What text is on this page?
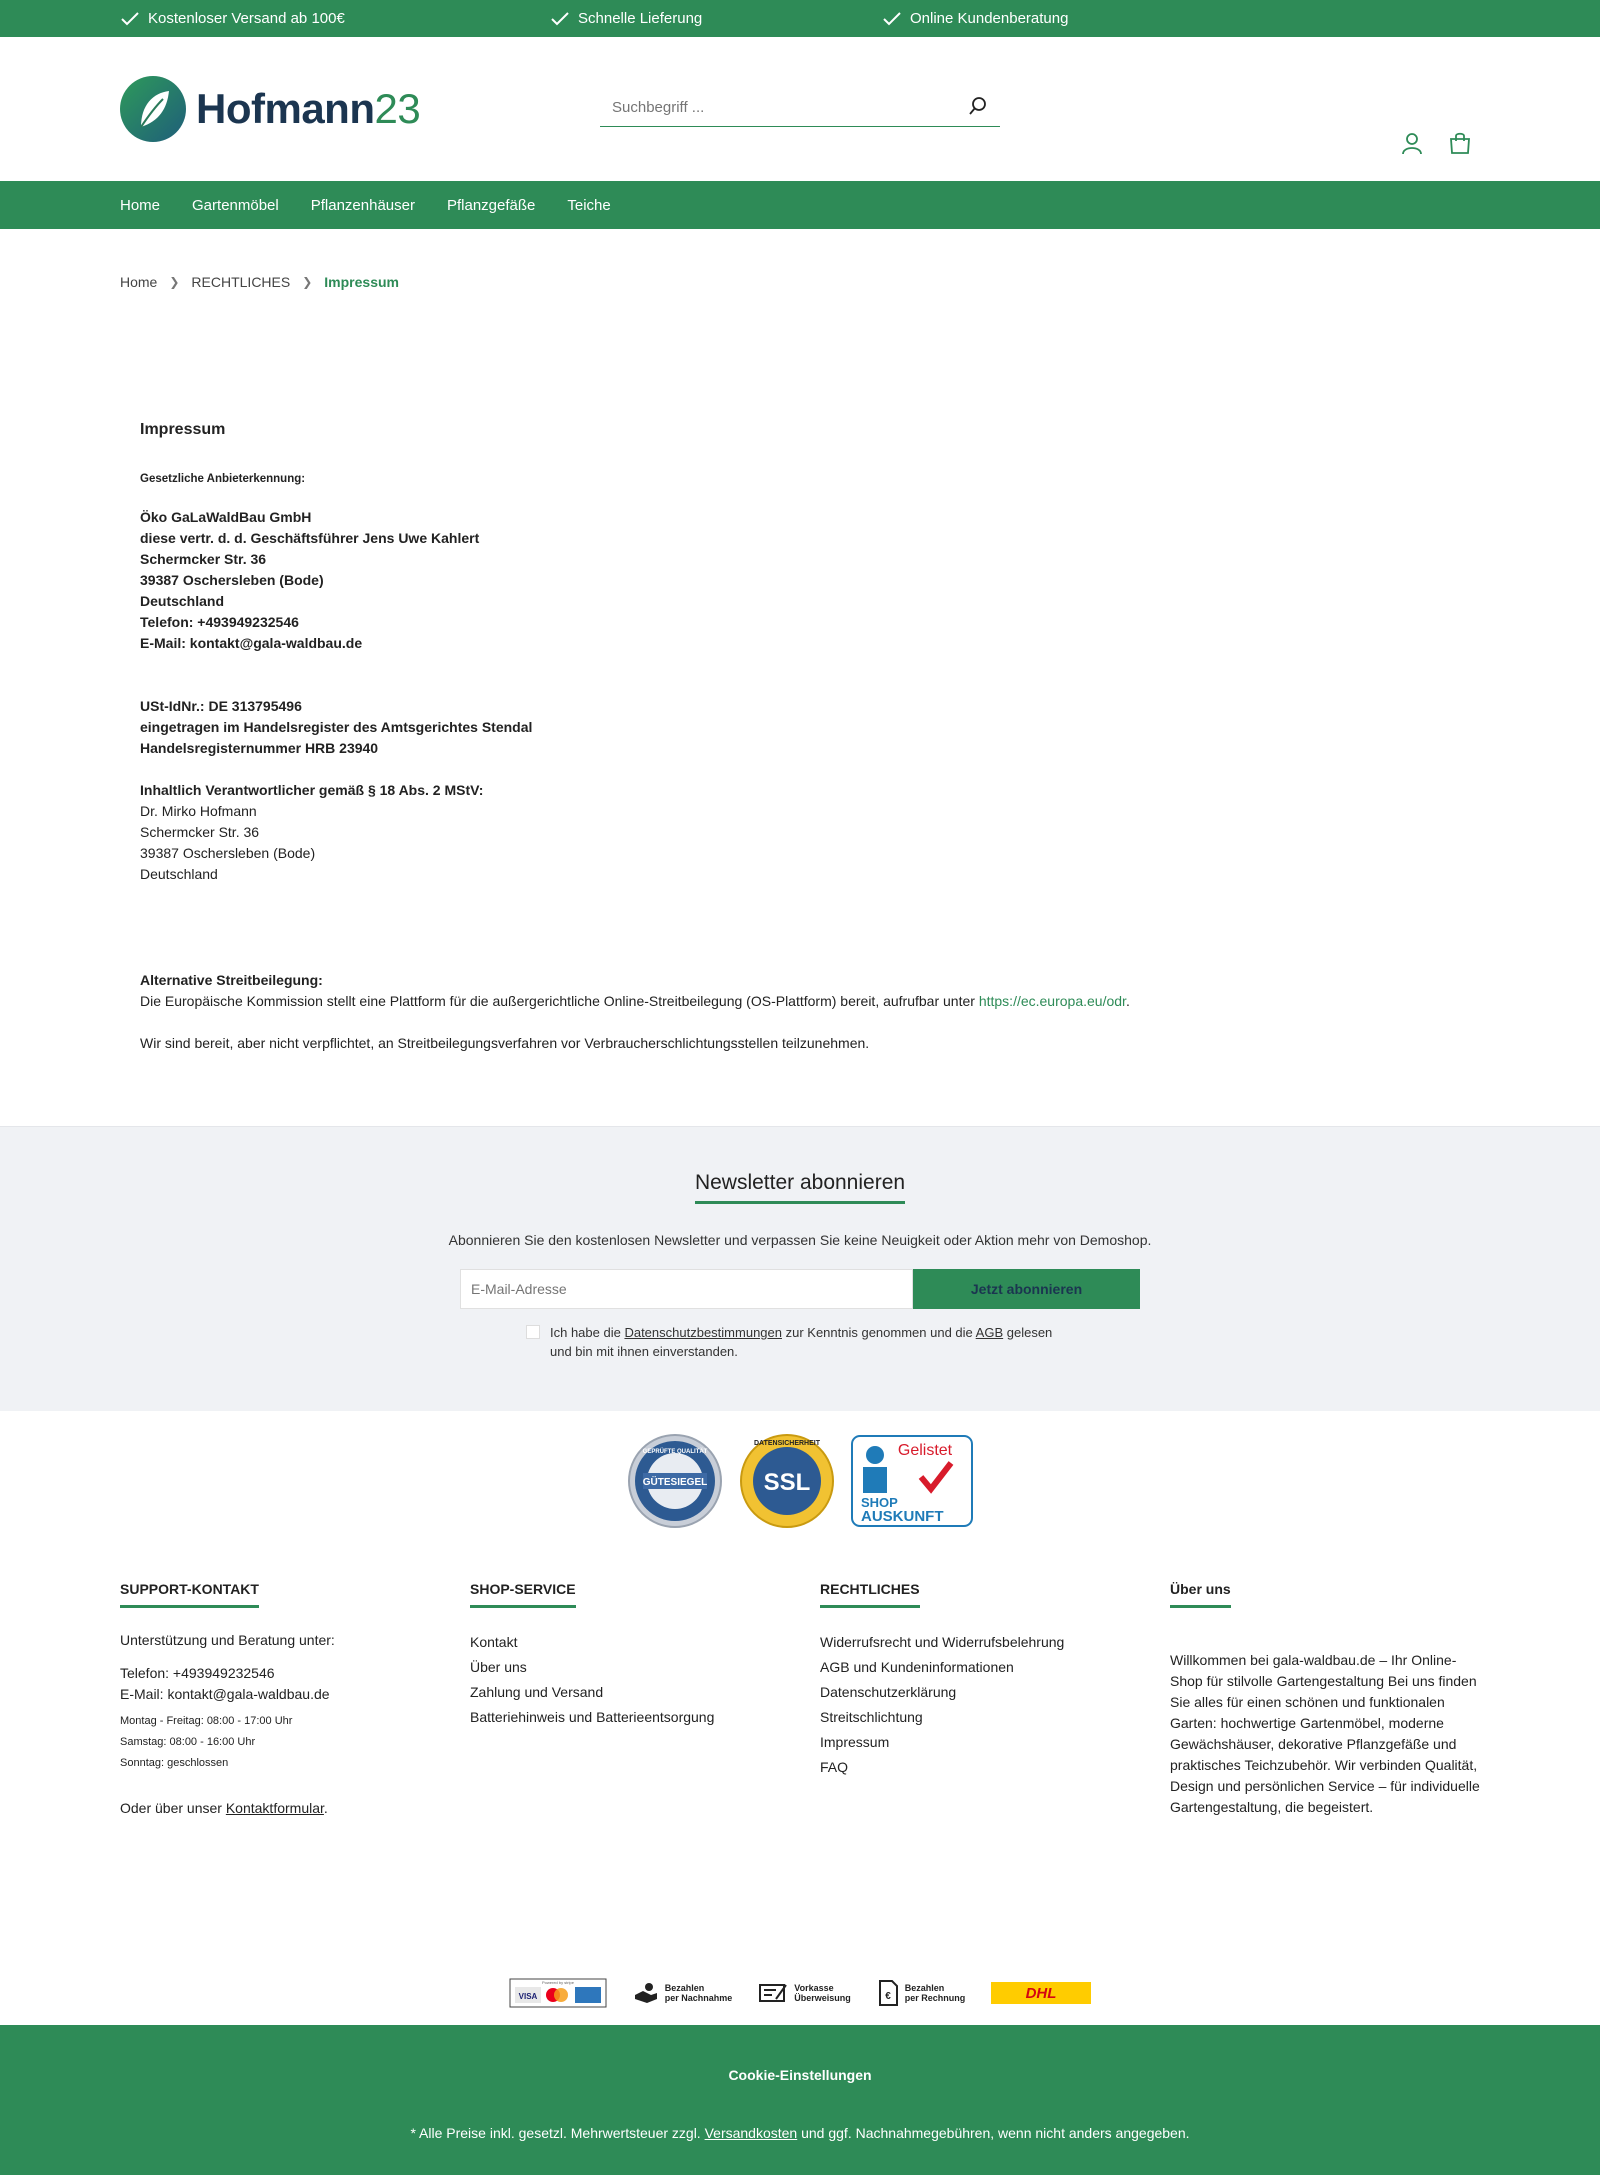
Kostenloser Versand ab 100€	Schnelle Lieferung	Online Kundenberatung
Hofmann23
Suchbegriff ...
Home Gartenmöbel Pflanzenhäuser Pflanzgefäße Teiche
Home ❯ RECHTLICHES ❯ Impressum
Impressum
Gesetzliche Anbieterkennung:
Öko GaLaWaldBau GmbH
diese vertr. d. d. Geschäftsführer Jens Uwe Kahlert
Schermcker Str. 36
39387 Oschersleben (Bode)
Deutschland
Telefon: +493949232546
E-Mail: kontakt@gala-waldbau.de
USt-IdNr.: DE 313795496
eingetragen im Handelsregister des Amtsgerichtes Stendal
Handelsregisternummer HRB 23940
Inhaltlich Verantwortlicher gemäß § 18 Abs. 2 MStV:
Dr. Mirko Hofmann
Schermcker Str. 36
39387 Oschersleben (Bode)
Deutschland
Alternative Streitbeilegung:
Die Europäische Kommission stellt eine Plattform für die außergerichtliche Online-Streitbeilegung (OS-Plattform) bereit, aufrufbar unter https://ec.europa.eu/odr.
Wir sind bereit, aber nicht verpflichtet, an Streitbeilegungsverfahren vor Verbraucherschlichtungsstellen teilzunehmen.
Newsletter abonnieren
Abonnieren Sie den kostenlosen Newsletter und verpassen Sie keine Neuigkeit oder Aktion mehr von Demoshop.
E-Mail-Adresse
Jetzt abonnieren
Ich habe die Datenschutzbestimmungen zur Kenntnis genommen und die AGB gelesen
und bin mit ihnen einverstanden.
GÜTESIEGEL
GEPRÜFTE QUALITÄT
SSL
DATENSICHERHEIT	Gelistet
SHOP
AUSKUNFT
SUPPORT-KONTAKT

Unterstützung und Beratung unter:

Telefon: +493949232546

E-Mail: kontakt@gala-waldbau.de

Montag - Freitag: 08:00 - 17:00 Uhr

Samstag: 08:00 - 16:00 Uhr

Sonntag: geschlossen

Oder über unser Kontaktformular.

SHOP-SERVICE
Kontakt
Über uns
Zahlung und Versand
Batteriehinweis und Batterieentsorgung
RECHTLICHES
Widerrufsrecht und Widerrufsbelehrung
AGB und Kundeninformationen
Datenschutzerklärung
Streitschlichtung
Impressum
FAQ
Über uns

Willkommen bei gala-waldbau.de – Ihr Online-Shop für stilvolle Gartengestaltung Bei uns finden Sie alles für einen schönen und funktionalen Garten: hochwertige Gartenmöbel, moderne Gewächshäuser, dekorative Pflanzgefäße und praktisches Teichzubehör. Wir verbinden Qualität, Design und persönlichen Service – für individuelle Gartengestaltung, die begeistert.

Powered by stripe
VISA
Bezahlen
per Nachnahme
Vorkasse
Überweisung	€
Bezahlen
per Rechnung	DHL
Cookie-Einstellungen
* Alle Preise inkl. gesetzl. Mehrwertsteuer zzgl. Versandkosten und ggf. Nachnahmegebühren, wenn nicht anders angegeben.
